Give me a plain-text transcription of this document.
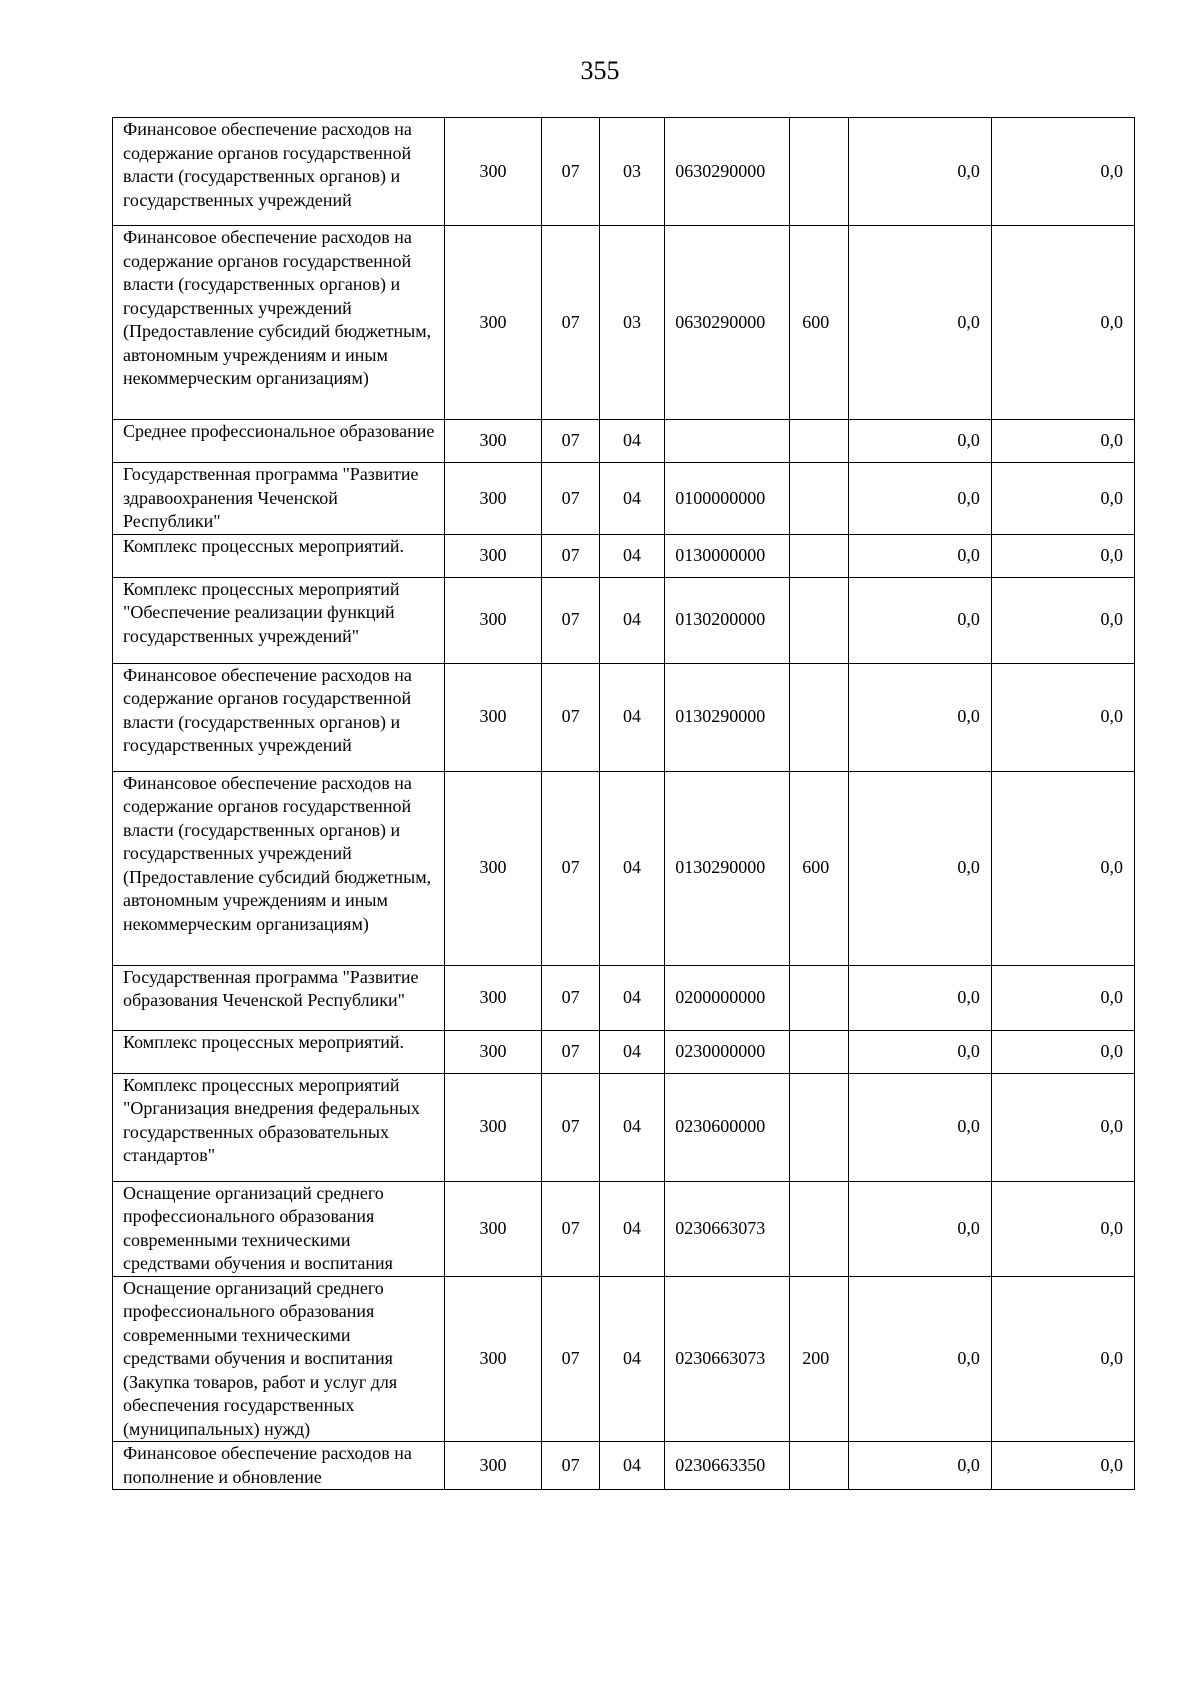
355
Финансовое обеспечение расходов на содержание органов государственной власти (государственных органов) и государственных учреждений	300	07	03	0630290000		0,0	0,0
Финансовое обеспечение расходов на содержание органов государственной власти (государственных органов) и государственных учреждений (Предоставление субсидий бюджетным, автономным учреждениям и иным некоммерческим организациям)	300	07	03	0630290000	600	0,0	0,0
Среднее профессиональное образование	300	07	04			0,0	0,0
Государственная программа "Развитие здравоохранения Чеченской Республики"	300	07	04	0100000000		0,0	0,0
Комплекс процессных мероприятий.	300	07	04	0130000000		0,0	0,0
Комплекс процессных мероприятий "Обеспечение реализации функций государственных учреждений"	300	07	04	0130200000		0,0	0,0
Финансовое обеспечение расходов на содержание органов государственной власти (государственных органов) и государственных учреждений	300	07	04	0130290000		0,0	0,0
Финансовое обеспечение расходов на содержание органов государственной власти (государственных органов) и государственных учреждений (Предоставление субсидий бюджетным, автономным учреждениям и иным некоммерческим организациям)	300	07	04	0130290000	600	0,0	0,0
Государственная программа "Развитие образования Чеченской Республики"	300	07	04	0200000000		0,0	0,0
Комплекс процессных мероприятий.	300	07	04	0230000000		0,0	0,0
Комплекс процессных мероприятий "Организация внедрения федеральных государственных образовательных стандартов"	300	07	04	0230600000		0,0	0,0
Оснащение организаций среднего профессионального образования современными техническими средствами обучения и воспитания	300	07	04	0230663073		0,0	0,0
Оснащение организаций среднего профессионального образования современными техническими средствами обучения и воспитания (Закупка товаров, работ и услуг для обеспечения государственных (муниципальных) нужд)	300	07	04	0230663073	200	0,0	0,0
Финансовое обеспечение расходов на пополнение и обновление	300	07	04	0230663350		0,0	0,0
